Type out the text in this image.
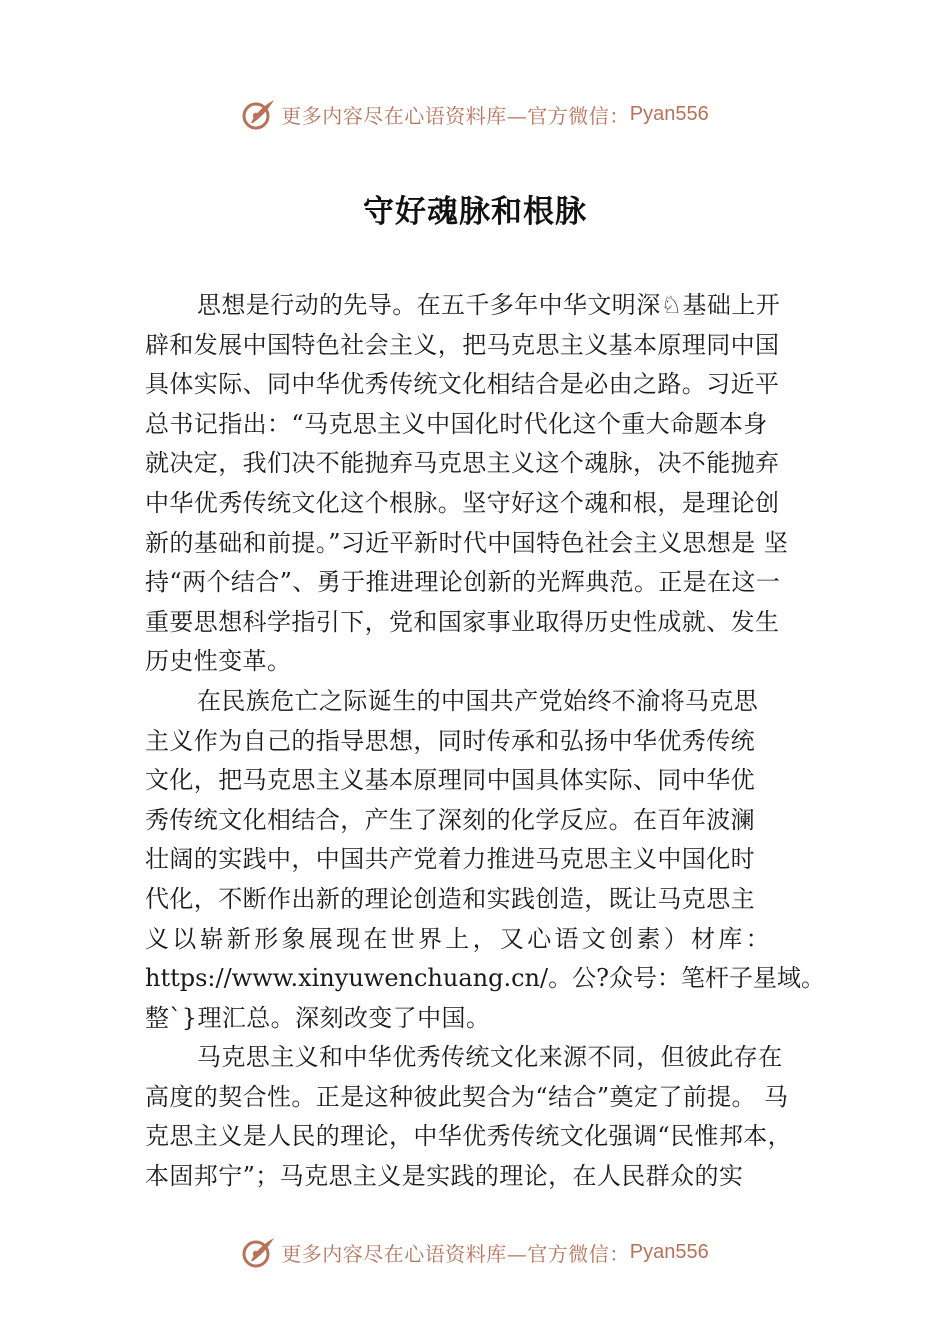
更多内容尽在心语资料库—官方微信： Pyan556
守好魂脉和根脉
思想是行动的先导。在五千多年中华文明深♘基础上开
辟和发展中国特色社会主义，把马克思主义基本原理同中国
具体实际、同中华优秀传统文化相结合是必由之路。习近平
总书记指出：“马克思主义中国化时代化这个重大命题本身
就决定，我们决不能抛弃马克思主义这个魂脉，决不能抛弃
中华优秀传统文化这个根脉。坚守好这个魂和根，是理论创
新的基础和前提。”习近平新时代中国特色社会主义思想是 坚
持“两个结合”、勇于推进理论创新的光辉典范。正是在这一
重要思想科学指引下，党和国家事业取得历史性成就、发生
历史性变革。
在民族危亡之际诞生的中国共产党始终不渝将马克思
主义作为自己的指导思想，同时传承和弘扬中华优秀传统
文化，把马克思主义基本原理同中国具体实际、同中华优
秀传统文化相结合，产生了深刻的化学反应。在百年波澜
壮阔的实践中，中国共产党着力推进马克思主义中国化时
代化，不断作出新的理论创造和实践创造，既让马克思主
义以崭新形象展现在世界上，又心语文创素）材库：
https://www.xinyuwenchuang.cn/。公?众号：笔杆子星域。
整`}理汇总。深刻改变了中国。
马克思主义和中华优秀传统文化来源不同，但彼此存在
高度的契合性。正是这种彼此契合为“结合”奠定了前提。 马
克思主义是人民的理论，中华优秀传统文化强调“民惟邦本，
本固邦宁”；马克思主义是实践的理论，在人民群众的实
更多内容尽在心语资料库—官方微信： Pyan556
